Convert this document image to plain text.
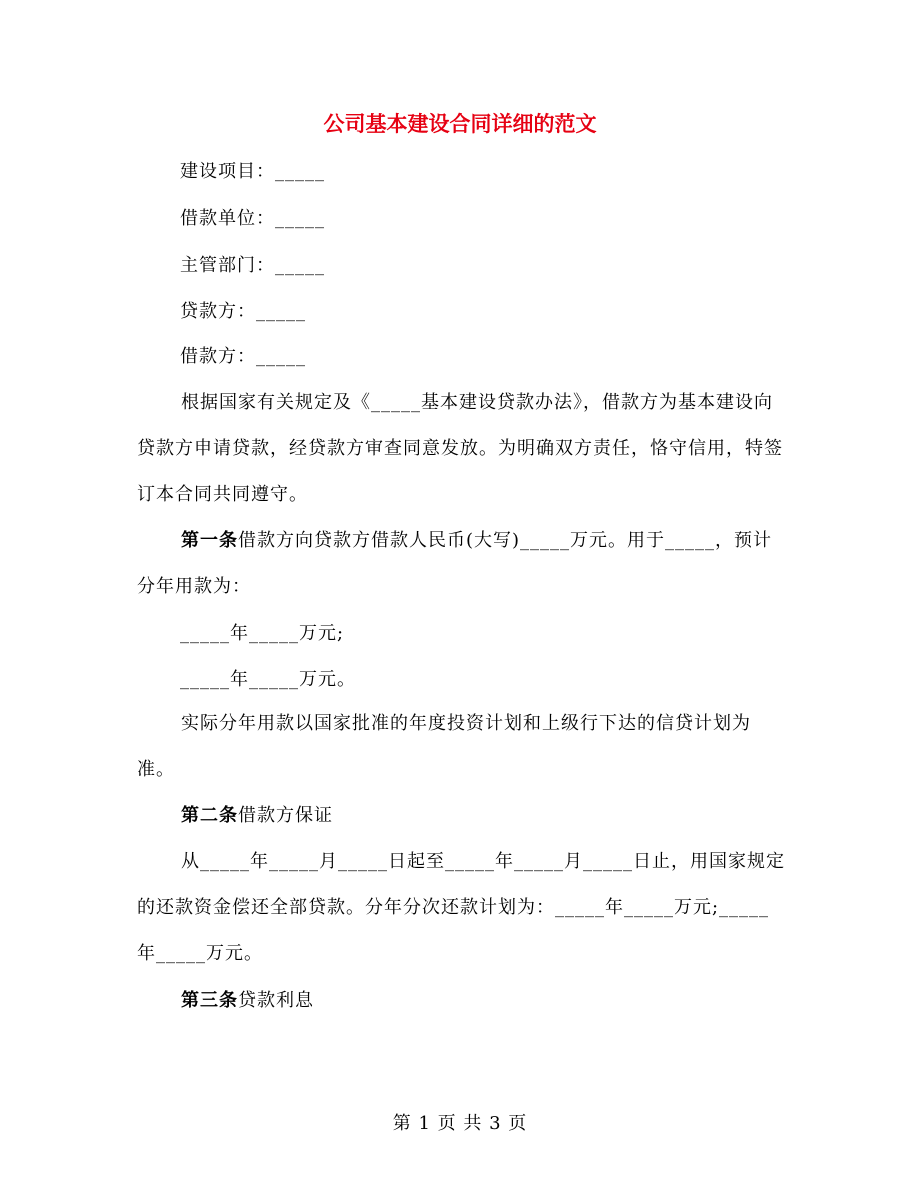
公司基本建设合同详细的范文
建设项目：_____
借款单位：_____
主管部门：_____
贷款方：_____
借款方：_____
根据国家有关规定及《_____基本建设贷款办法》，借款方为基本建设向贷款方申请贷款，经贷款方审查同意发放。为明确双方责任，恪守信用，特签订本合同共同遵守。
第一条借款方向贷款方借款人民币(大写)_____万元。用于_____，预计分年用款为：
_____年_____万元;
_____年_____万元。
实际分年用款以国家批准的年度投资计划和上级行下达的信贷计划为准。
第二条借款方保证
从_____年_____月_____日起至_____年_____月_____日止，用国家规定的还款资金偿还全部贷款。分年分次还款计划为：_____年_____万元;_____年_____万元。
第三条贷款利息
第 1 页 共 3 页
